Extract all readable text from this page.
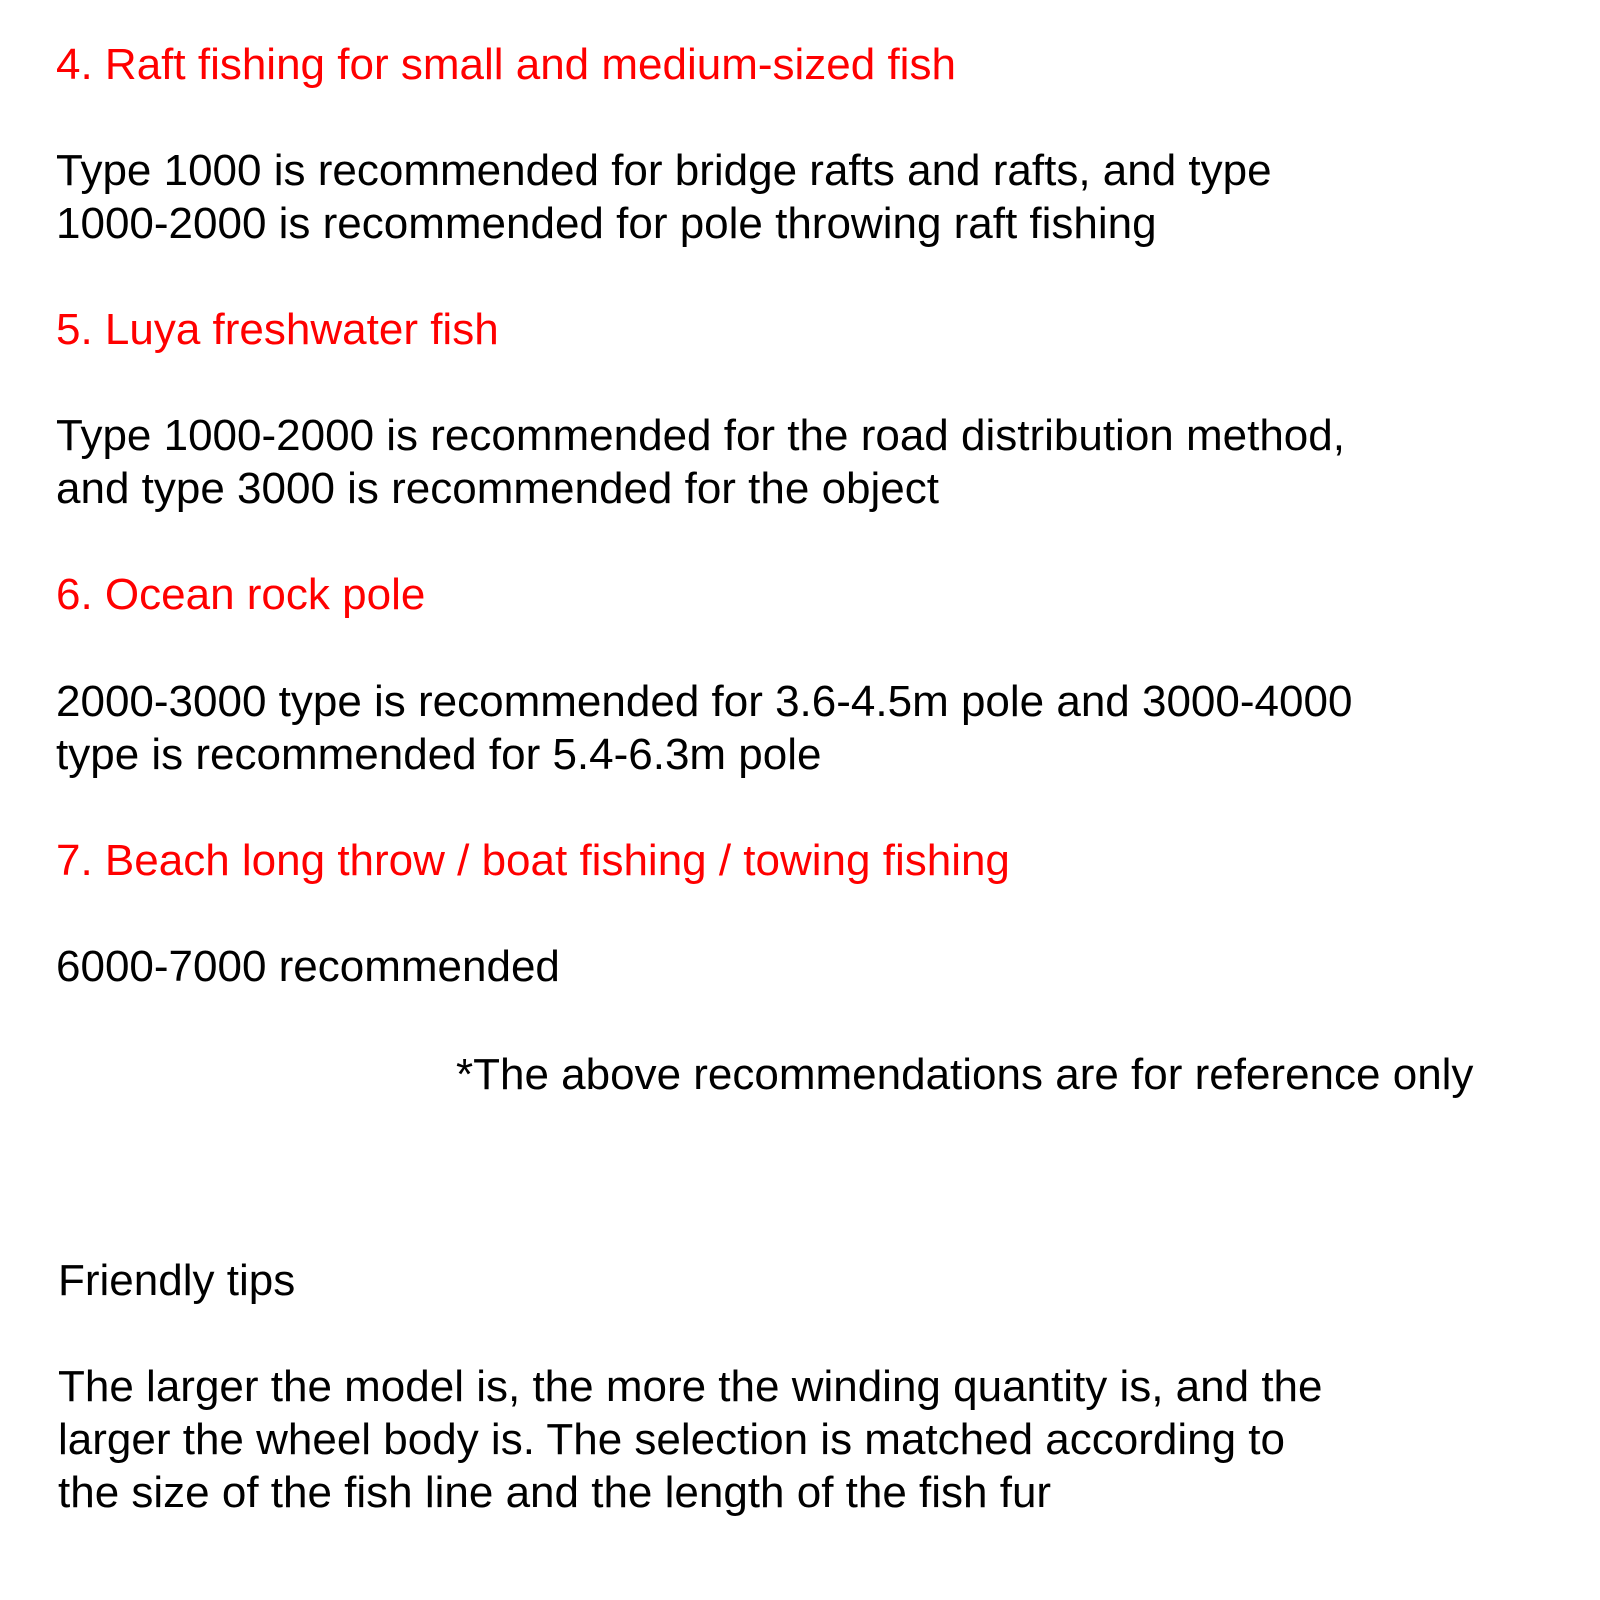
4. Raft fishing for small and medium-sized fish

Type 1000 is recommended for bridge rafts and rafts, and type

1000-2000 is recommended for pole throwing raft fishing

5. Luya freshwater fish

Type 1000-2000 is recommended for the road distribution method,

and type 3000 is recommended for the object

6. Ocean rock pole

2000-3000 type is recommended for 3.6-4.5m pole and 3000-4000

type is recommended for 5.4-6.3m pole

7. Beach long throw / boat fishing / towing fishing

6000-7000 recommended

*The above recommendations are for reference only

Friendly tips

The larger the model is, the more the winding quantity is, and the

larger the wheel body is. The selection is matched according to

the size of the fish line and the length of the fish fur
